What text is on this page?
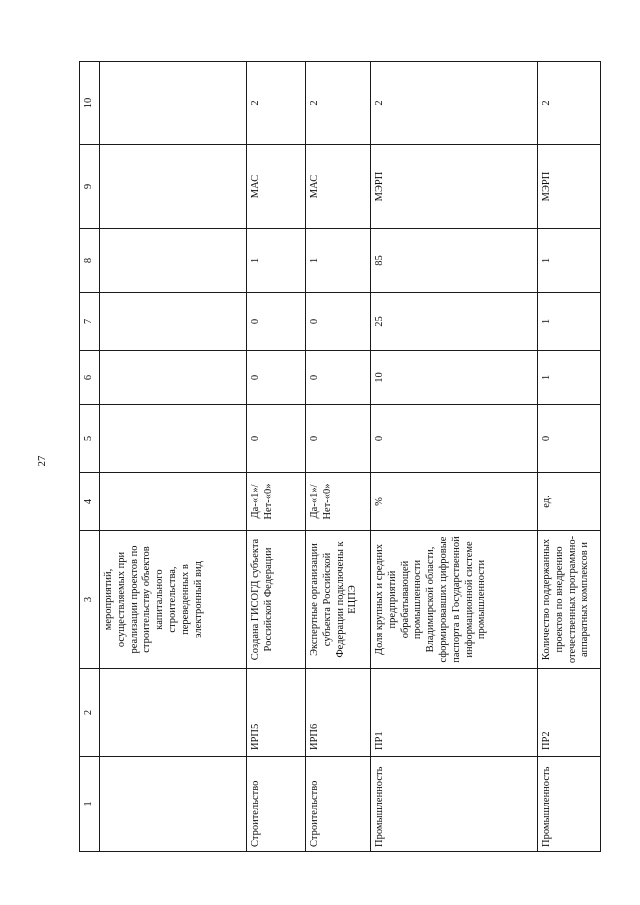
27
1	2	3	4	5	6	7	8	9	10
		мероприятий, осуществляемых при реализации проектов по строительству объектов капитального строительства, переведенных в электронный вид							
Строительство	ИРП5	Создана ГИСОГД субъекта Российской Федерации	Да-«1»/ Нет-«0»	0	0	0	1	МАС	2
Строительство	ИРП6	Экспертные организации субъекта Российской Федерации подключены к ЕЦПЭ	Да-«1»/ Нет-«0»	0	0	0	1	МАС	2
Промышленность	ПР1	Доля крупных и средних предприятий обрабатывающей промышленности Владимирской области, сформировавших цифровые паспорта в Государственной информационной системе промышленности	%	0	10	25	85	МЭРП	2
Промышленность	ПР2	Количество поддержанных проектов по внедрению отечественных программно-аппаратных комплексов и	ед.	0	1	1	1	МЭРП	2
